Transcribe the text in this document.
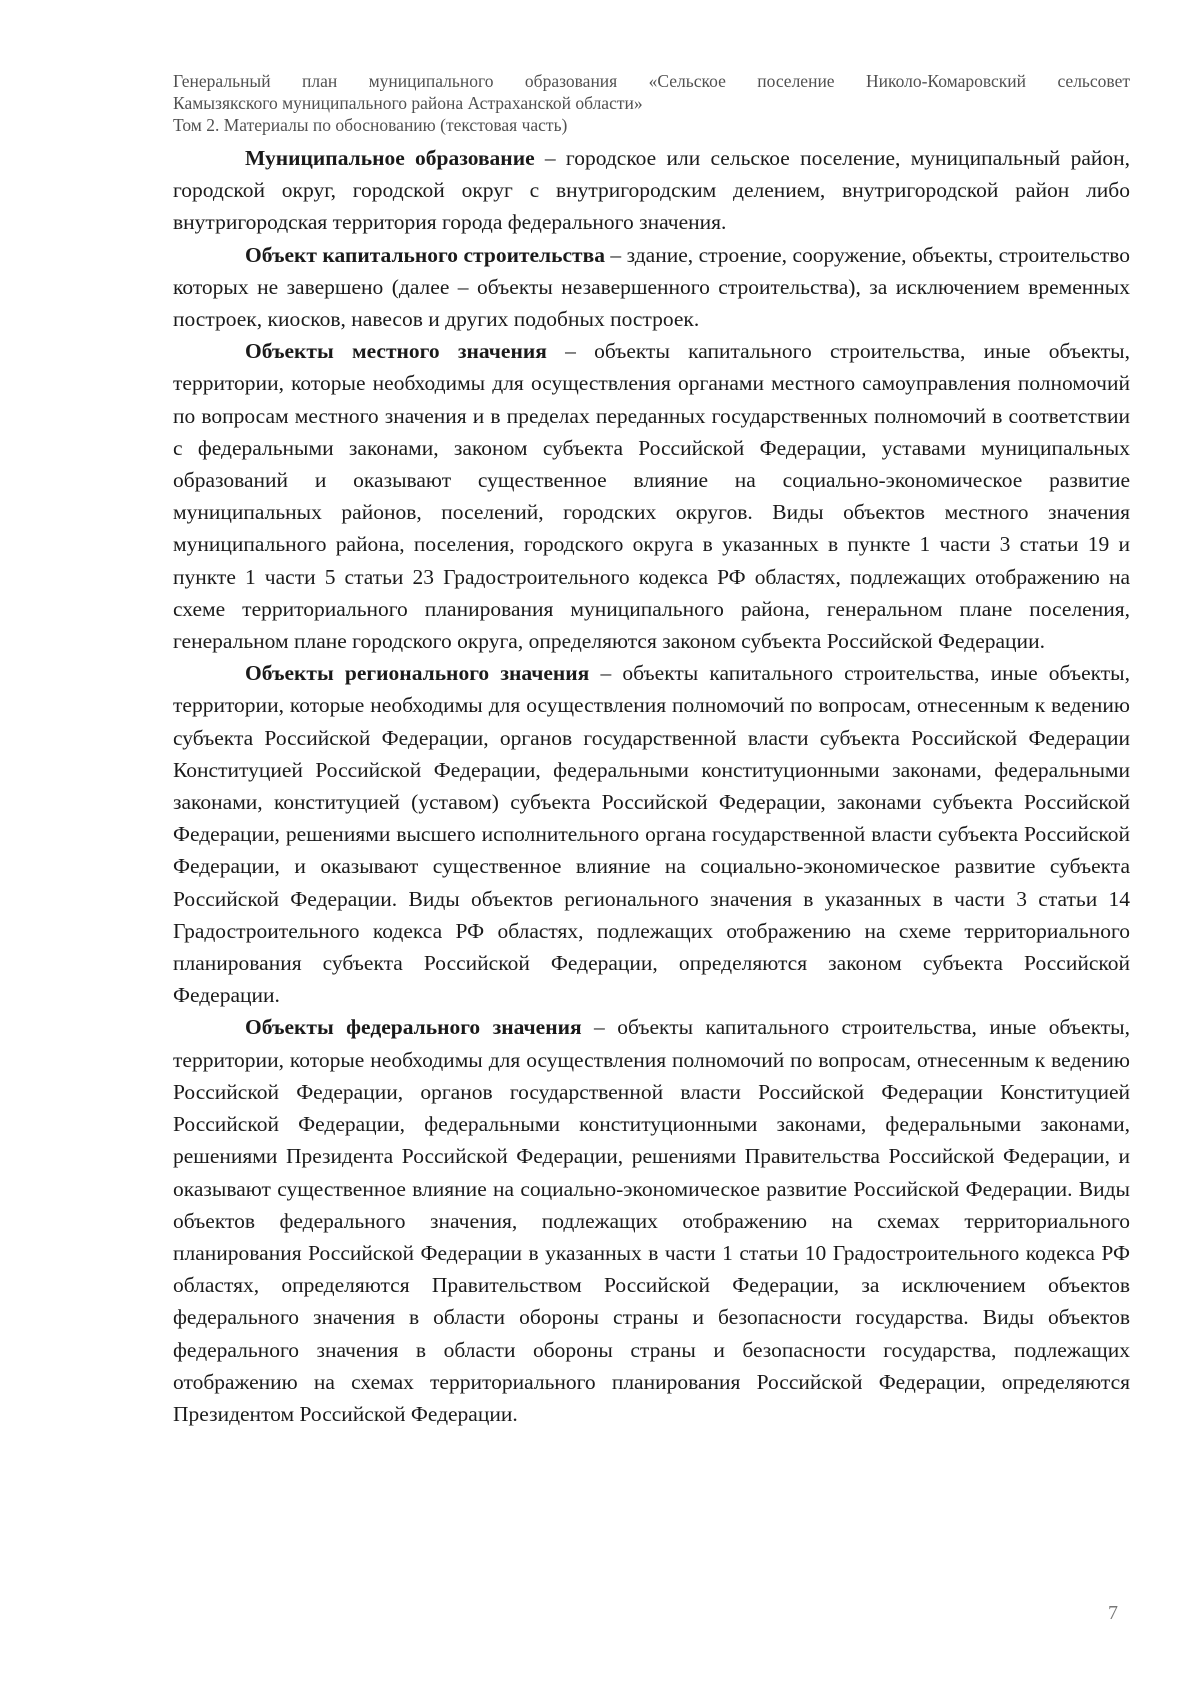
Генеральный план муниципального образования «Сельское поселение Николо-Комаровский сельсовет
Камызякского муниципального района Астраханской области»
Том 2. Материалы по обоснованию (текстовая часть)

Муниципальное образование – городское или сельское поселение, муниципальный район, городской округ, городской округ с внутригородским делением, внутригородской район либо внутригородская территория города федерального значения.

Объект капитального строительства – здание, строение, сооружение, объекты, строительство которых не завершено (далее – объекты незавершенного строительства), за исключением временных построек, киосков, навесов и других подобных построек.

Объекты местного значения – объекты капитального строительства, иные объекты, территории, которые необходимы для осуществления органами местного самоуправления полномочий по вопросам местного значения и в пределах переданных государственных полномочий в соответствии с федеральными законами, законом субъекта Российской Федерации, уставами муниципальных образований и оказывают существенное влияние на социально-экономическое развитие муниципальных районов, поселений, городских округов. Виды объектов местного значения муниципального района, поселения, городского округа в указанных в пункте 1 части 3 статьи 19 и пункте 1 части 5 статьи 23 Градостроительного кодекса РФ областях, подлежащих отображению на схеме территориального планирования муниципального района, генеральном плане поселения, генеральном плане городского округа, определяются законом субъекта Российской Федерации.

Объекты регионального значения – объекты капитального строительства, иные объекты, территории, которые необходимы для осуществления полномочий по вопросам, отнесенным к ведению субъекта Российской Федерации, органов государственной власти субъекта Российской Федерации Конституцией Российской Федерации, федеральными конституционными законами, федеральными законами, конституцией (уставом) субъекта Российской Федерации, законами субъекта Российской Федерации, решениями высшего исполнительного органа государственной власти субъекта Российской Федерации, и оказывают существенное влияние на социально-экономическое развитие субъекта Российской Федерации. Виды объектов регионального значения в указанных в части 3 статьи 14 Градостроительного кодекса РФ областях, подлежащих отображению на схеме территориального планирования субъекта Российской Федерации, определяются законом субъекта Российской Федерации.

Объекты федерального значения – объекты капитального строительства, иные объекты, территории, которые необходимы для осуществления полномочий по вопросам, отнесенным к ведению Российской Федерации, органов государственной власти Российской Федерации Конституцией Российской Федерации, федеральными конституционными законами, федеральными законами, решениями Президента Российской Федерации, решениями Правительства Российской Федерации, и оказывают существенное влияние на социально-экономическое развитие Российской Федерации. Виды объектов федерального значения, подлежащих отображению на схемах территориального планирования Российской Федерации в указанных в части 1 статьи 10 Градостроительного кодекса РФ областях, определяются Правительством Российской Федерации, за исключением объектов федерального значения в области обороны страны и безопасности государства. Виды объектов федерального значения в области обороны страны и безопасности государства, подлежащих отображению на схемах территориального планирования Российской Федерации, определяются Президентом Российской Федерации.

7
